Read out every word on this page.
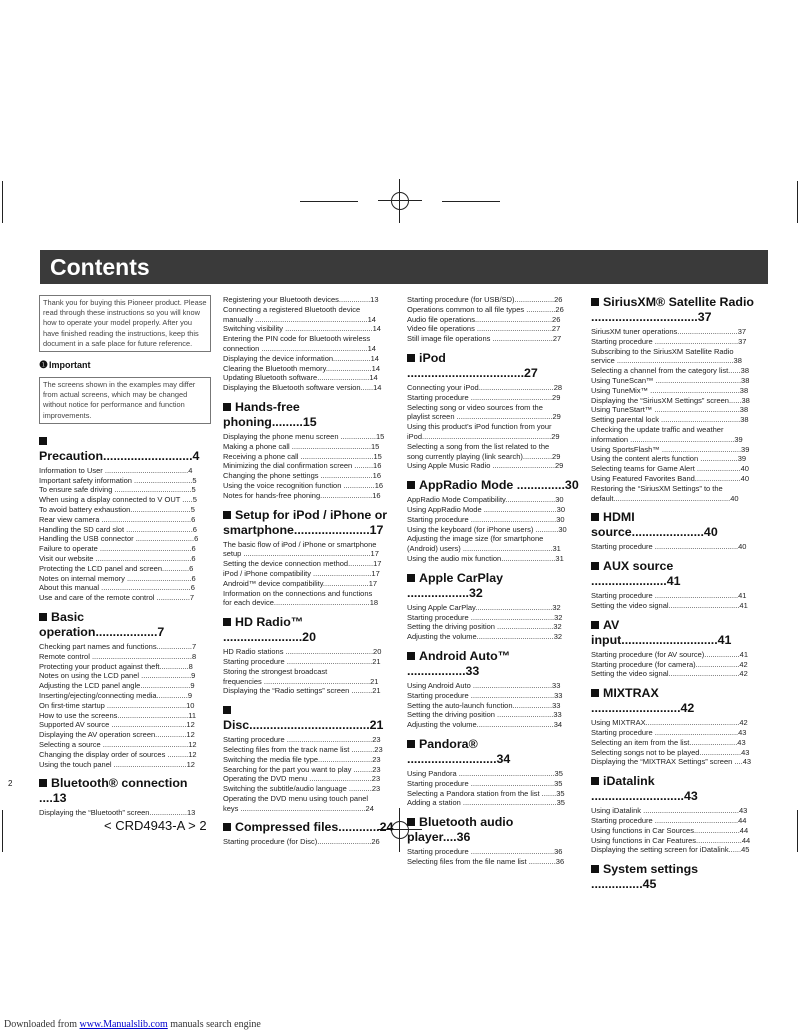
Contents
Thank you for buying this Pioneer product. Please read through these instructions so you will know how to operate your model properly. After you have finished reading the instructions, keep this document in a safe place for future reference.
❶Important
The screens shown in the examples may differ from actual screens, which may be changed without notice for performance and function improvements.
Precaution..........................4
Information to User ........................................4
Important safety information ............................5
To ensure safe driving .....................................5
When using a display connected to V OUT .....5
To avoid battery exhaustion.............................5
Rear view camera ...........................................6
Handling the SD card slot ................................6
Handling the USB connector ............................6
Failure to operate ............................................6
Visit our website ..............................................6
Protecting the LCD panel and screen.............6
Notes on internal memory ...............................6
About this manual ...........................................6
Use and care of the remote control ................7
Basic operation..................7
Checking part names and functions.................7
Remote control ................................................8
Protecting your product against theft..............8
Notes on using the LCD panel ........................9
Adjusting the LCD panel angle........................9
Inserting/ejecting/connecting media...............9
On first-time startup ......................................10
How to use the screens..................................11
Supported AV source ....................................12
Displaying the AV operation screen...............12
Selecting a source .........................................12
Changing the display order of sources ..........12
Using the touch panel ...................................12
Bluetooth® connection ....13
Displaying the “Bluetooth” screen..................13
Registering your Bluetooth devices...............13
Connecting a registered Bluetooth device
manually ......................................................14
Switching visibility ..........................................14
Entering the PIN code for Bluetooth wireless
connection ...................................................14
Displaying the device information..................14
Clearing the Bluetooth memory......................14
Updating Bluetooth software.........................14
Displaying the Bluetooth software version......14
Hands-free phoning.........15
Displaying the phone menu screen .................15
Making a phone call ......................................15
Receiving a phone call ...................................15
Minimizing the dial confirmation screen .........16
Changing the phone settings .........................16
Using the voice recognition function ...............16
Notes for hands-free phoning.........................16
Setup for iPod / iPhone or smartphone......................17
The basic flow of iPod / iPhone or smartphone
setup .............................................................17
Setting the device connection method............17
iPod / iPhone compatibility ............................17
Android™ device compatibility......................17
Information on the connections and functions
for each device..............................................18
HD Radio™ .......................20
HD Radio stations ..........................................20
Starting procedure .........................................21
Storing the strongest broadcast
frequencies ...................................................21
Displaying the “Radio settings” screen ..........21
Disc...................................21
Starting procedure .........................................23
Selecting files from the track name list ...........23
Switching the media file type..........................23
Searching for the part you want to play .........23
Operating the DVD menu ..............................23
Switching the subtitle/audio language ...........23
Operating the DVD menu using touch panel
keys ............................................................24
Compressed files............24
Starting procedure (for Disc)..........................26
Starting procedure (for USB/SD)...................26
Operations common to all file types ..............26
Audio file operations.....................................26
Video file operations ....................................27
Still image file operations .............................27
iPod ..................................27
Connecting your iPod....................................28
Starting procedure .......................................29
Selecting song or video sources from the
playlist screen ..............................................29
Using this product’s iPod function from your
iPod..............................................................29
Selecting a song from the list related to the
song currently playing (link search)..............29
Using Apple Music Radio ..............................29
AppRadio Mode ..............30
AppRadio Mode Compatibility........................30
Using AppRadio Mode ...................................30
Starting procedure .........................................30
Using the keyboard (for iPhone users) ...........30
Adjusting the image size (for smartphone
(Android) users) ...........................................31
Using the audio mix function..........................31
Apple CarPlay ..................32
Using Apple CarPlay.....................................32
Starting procedure ........................................32
Setting the driving position ...........................32
Adjusting the volume.....................................32
Android Auto™ .................33
Using Android Auto ......................................33
Starting procedure ........................................33
Setting the auto-launch function...................33
Setting the driving position ...........................33
Adjusting the volume.....................................34
Pandora® ..........................34
Using Pandora ..............................................35
Starting procedure ........................................35
Selecting a Pandora station from the list .......35
Adding a station .............................................35
Bluetooth audio player....36
Starting procedure ........................................36
Selecting files from the file name list .............36
SiriusXM® Satellite Radio ...............................37
SiriusXM tuner operations.............................37
Starting procedure ........................................37
Subscribing to the SiriusXM Satellite Radio
service ........................................................38
Selecting a channel from the category list......38
Using TuneScan™ .........................................38
Using TuneMix™ ...........................................38
Displaying the “SiriusXM Settings” screen......38
Using TuneStart™ .........................................38
Setting parental lock ......................................38
Checking the update traffic and weather
information ..................................................39
Using SportsFlash™ ......................................39
Using the content alerts function ..................39
Selecting teams for Game Alert .....................40
Using Featured Favorites Band......................40
Restoring the “SiriusXM Settings” to the
default........................................................40
HDMI source.....................40
Starting procedure ........................................40
AUX source ......................41
Starting procedure ........................................41
Setting the video signal..................................41
AV input............................41
Starting procedure (for AV source).................41
Starting procedure (for camera).....................42
Setting the video signal..................................42
MIXTRAX ..........................42
Using MIXTRAX.............................................42
Starting procedure ........................................43
Selecting an item from the list.......................43
Selecting songs not to be played....................43
Displaying the “MIXTRAX Settings” screen ....43
iDatalink ...........................43
Using iDatalink ..............................................43
Starting procedure ........................................44
Using functions in Car Sources......................44
Using functions in Car Features......................44
Displaying the setting screen for iDatalink......45
System settings ...............45
2
< CRD4943-A > 2
Downloaded from www.Manualslib.com manuals search engine
